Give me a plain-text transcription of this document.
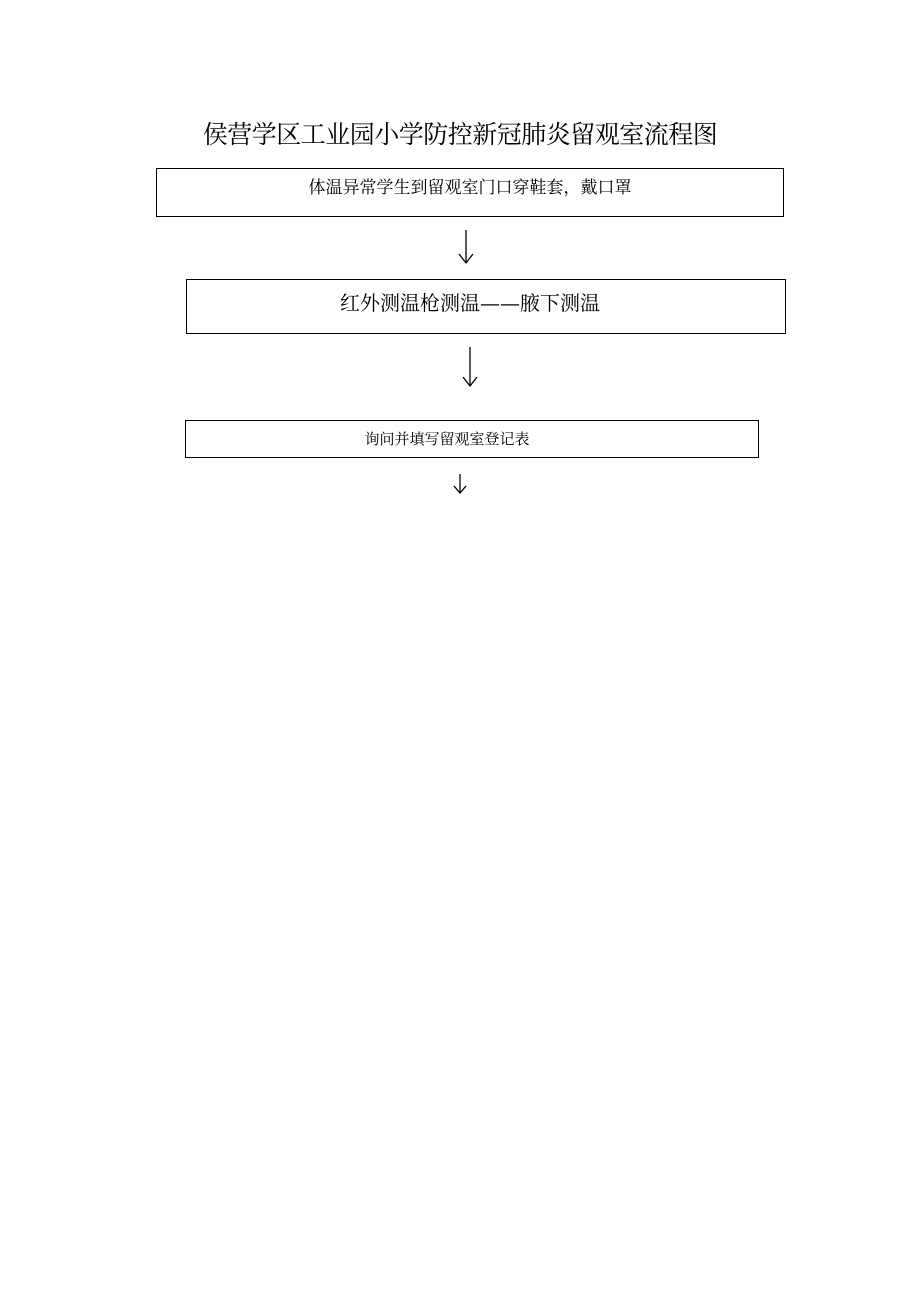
侯营学区工业园小学防控新冠肺炎留观室流程图
体温异常学生到留观室门口穿鞋套，戴口罩
红外测温枪测温——腋下测温
询问并填写留观室登记表
